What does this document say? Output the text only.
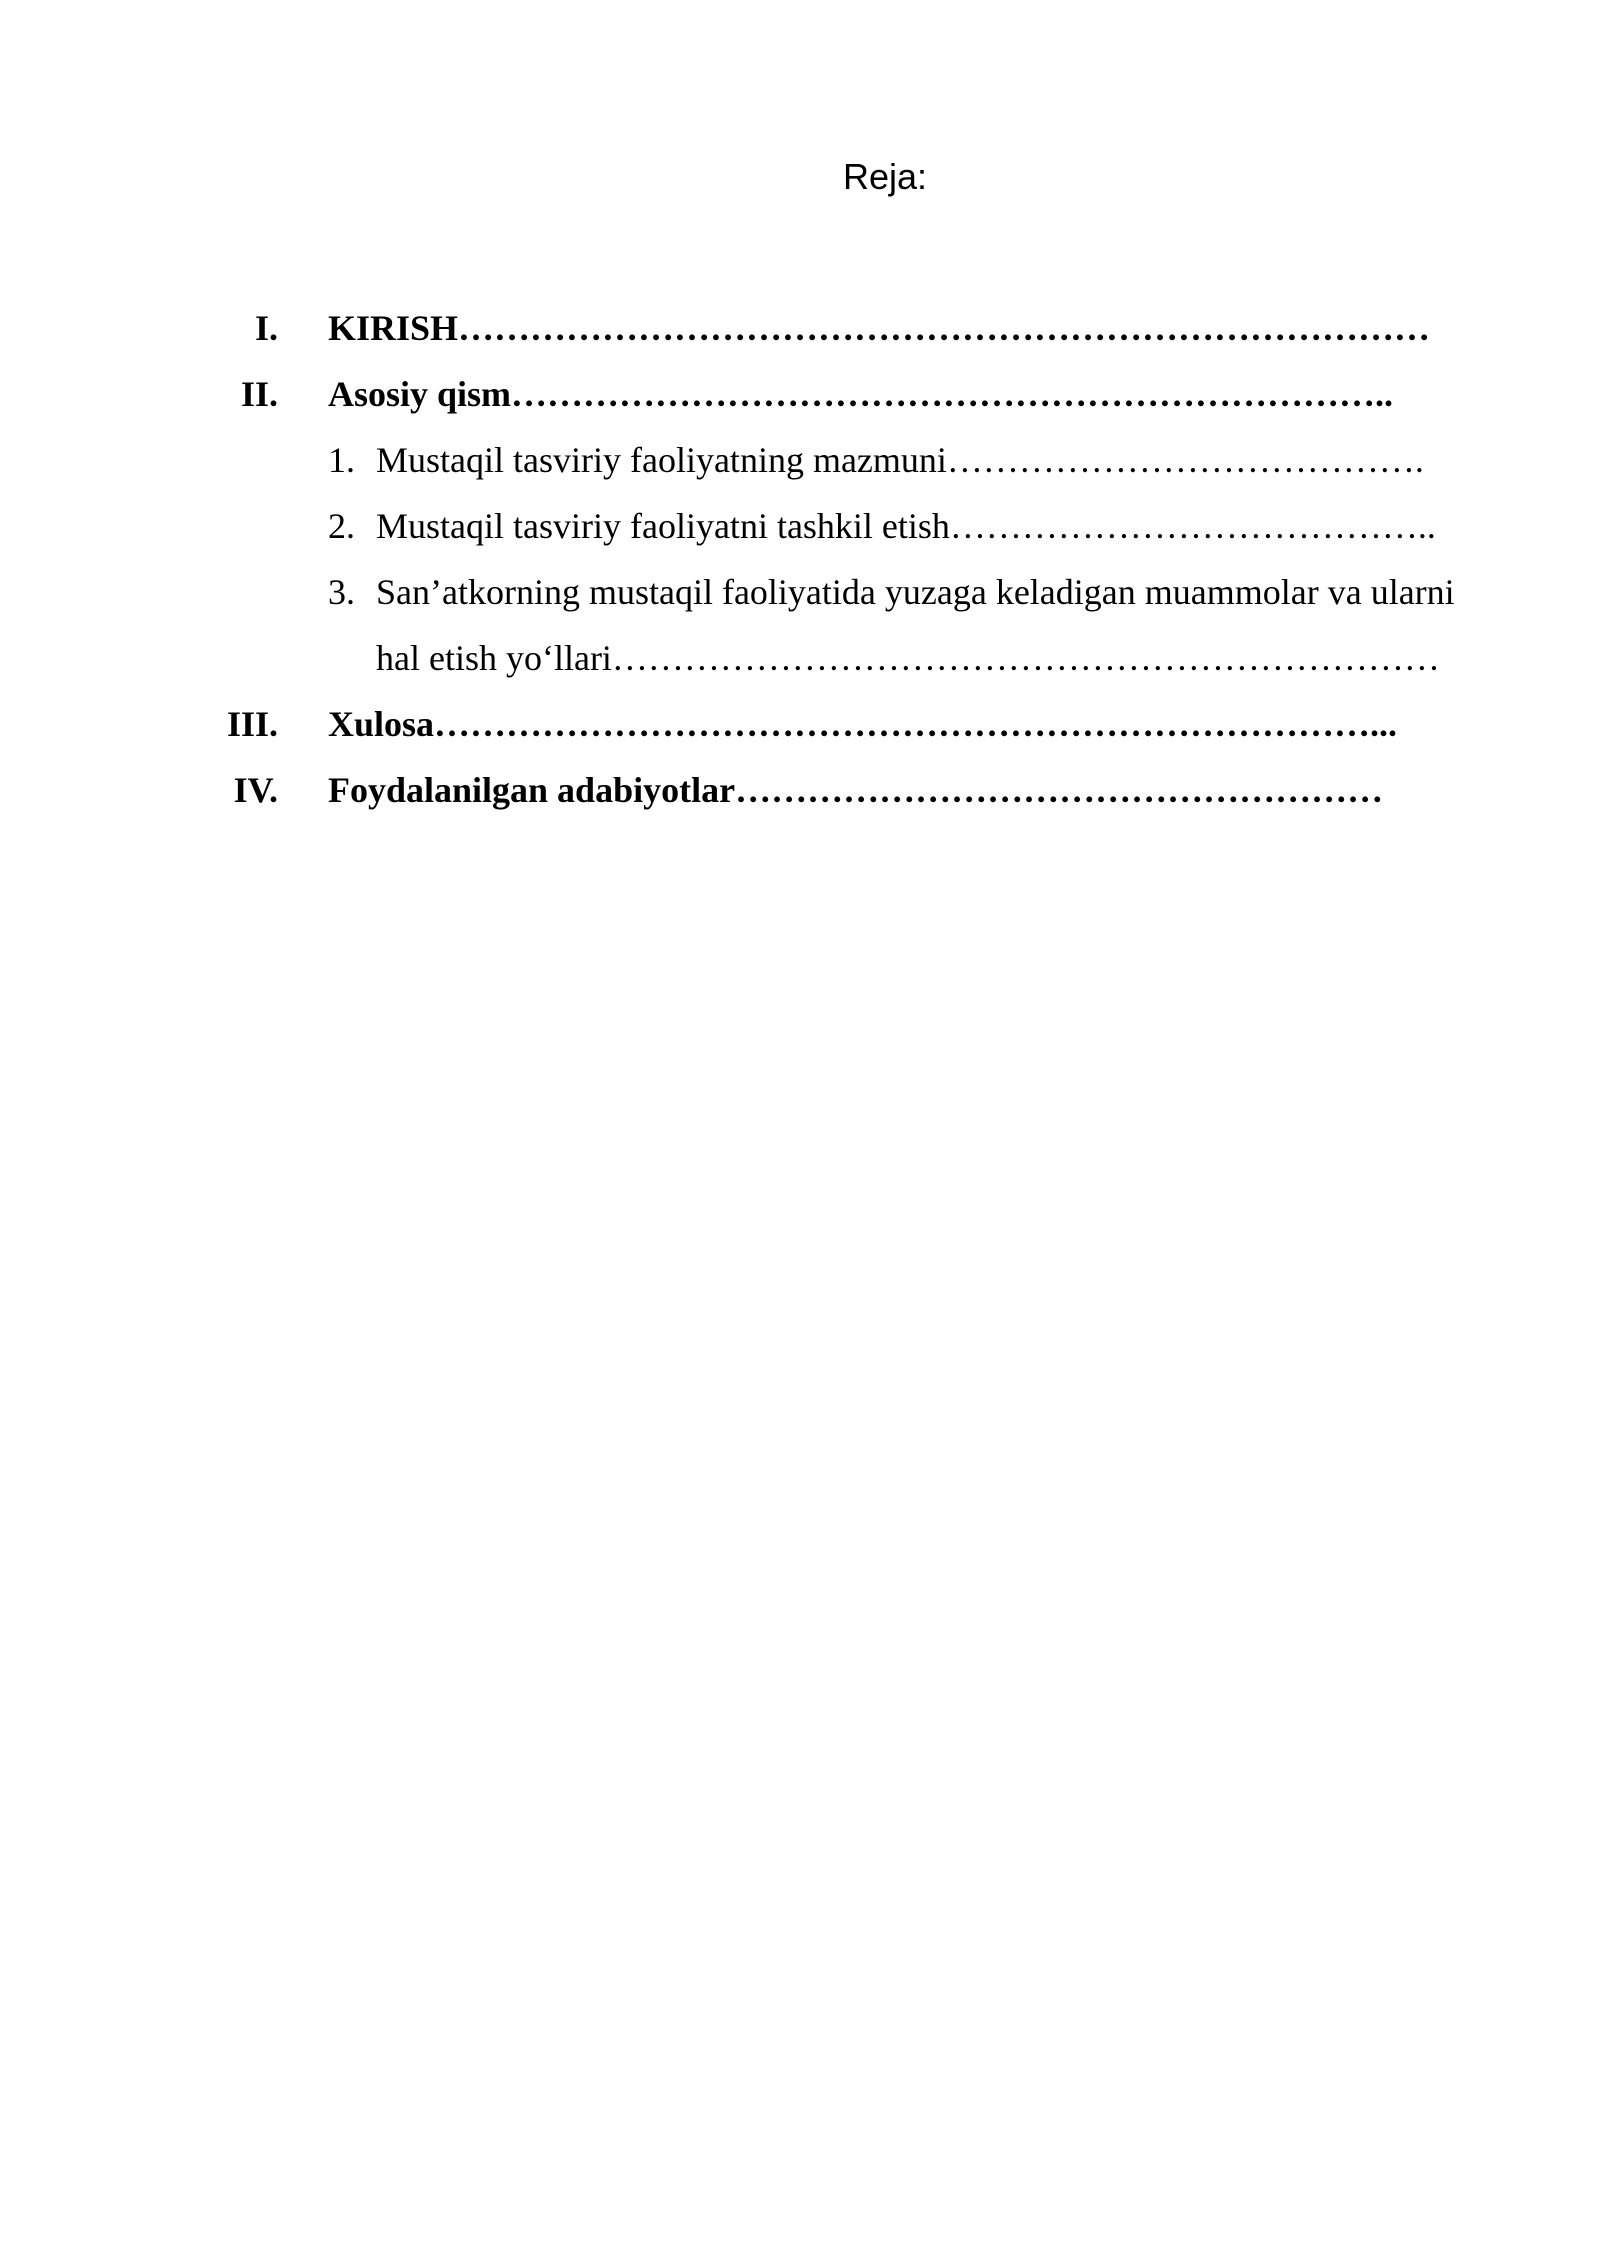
Reja:
I. KIRISH………………………………………………………………………
II. Asosiy qism………………………………………………………………..
1. Mustaqil tasviriy faoliyatning mazmuni………………………………….
2. Mustaqil tasviriy faoliyatni tashkil etish…………………………………..
3. San’atkorning mustaqil faoliyatida yuzaga keladigan muammolar va ularni
hal etish yo‘llari……………………………………………………………
III. Xulosa……………………………………………………………………...
IV. Foydalanilgan adabiyotlar………………………………………………
